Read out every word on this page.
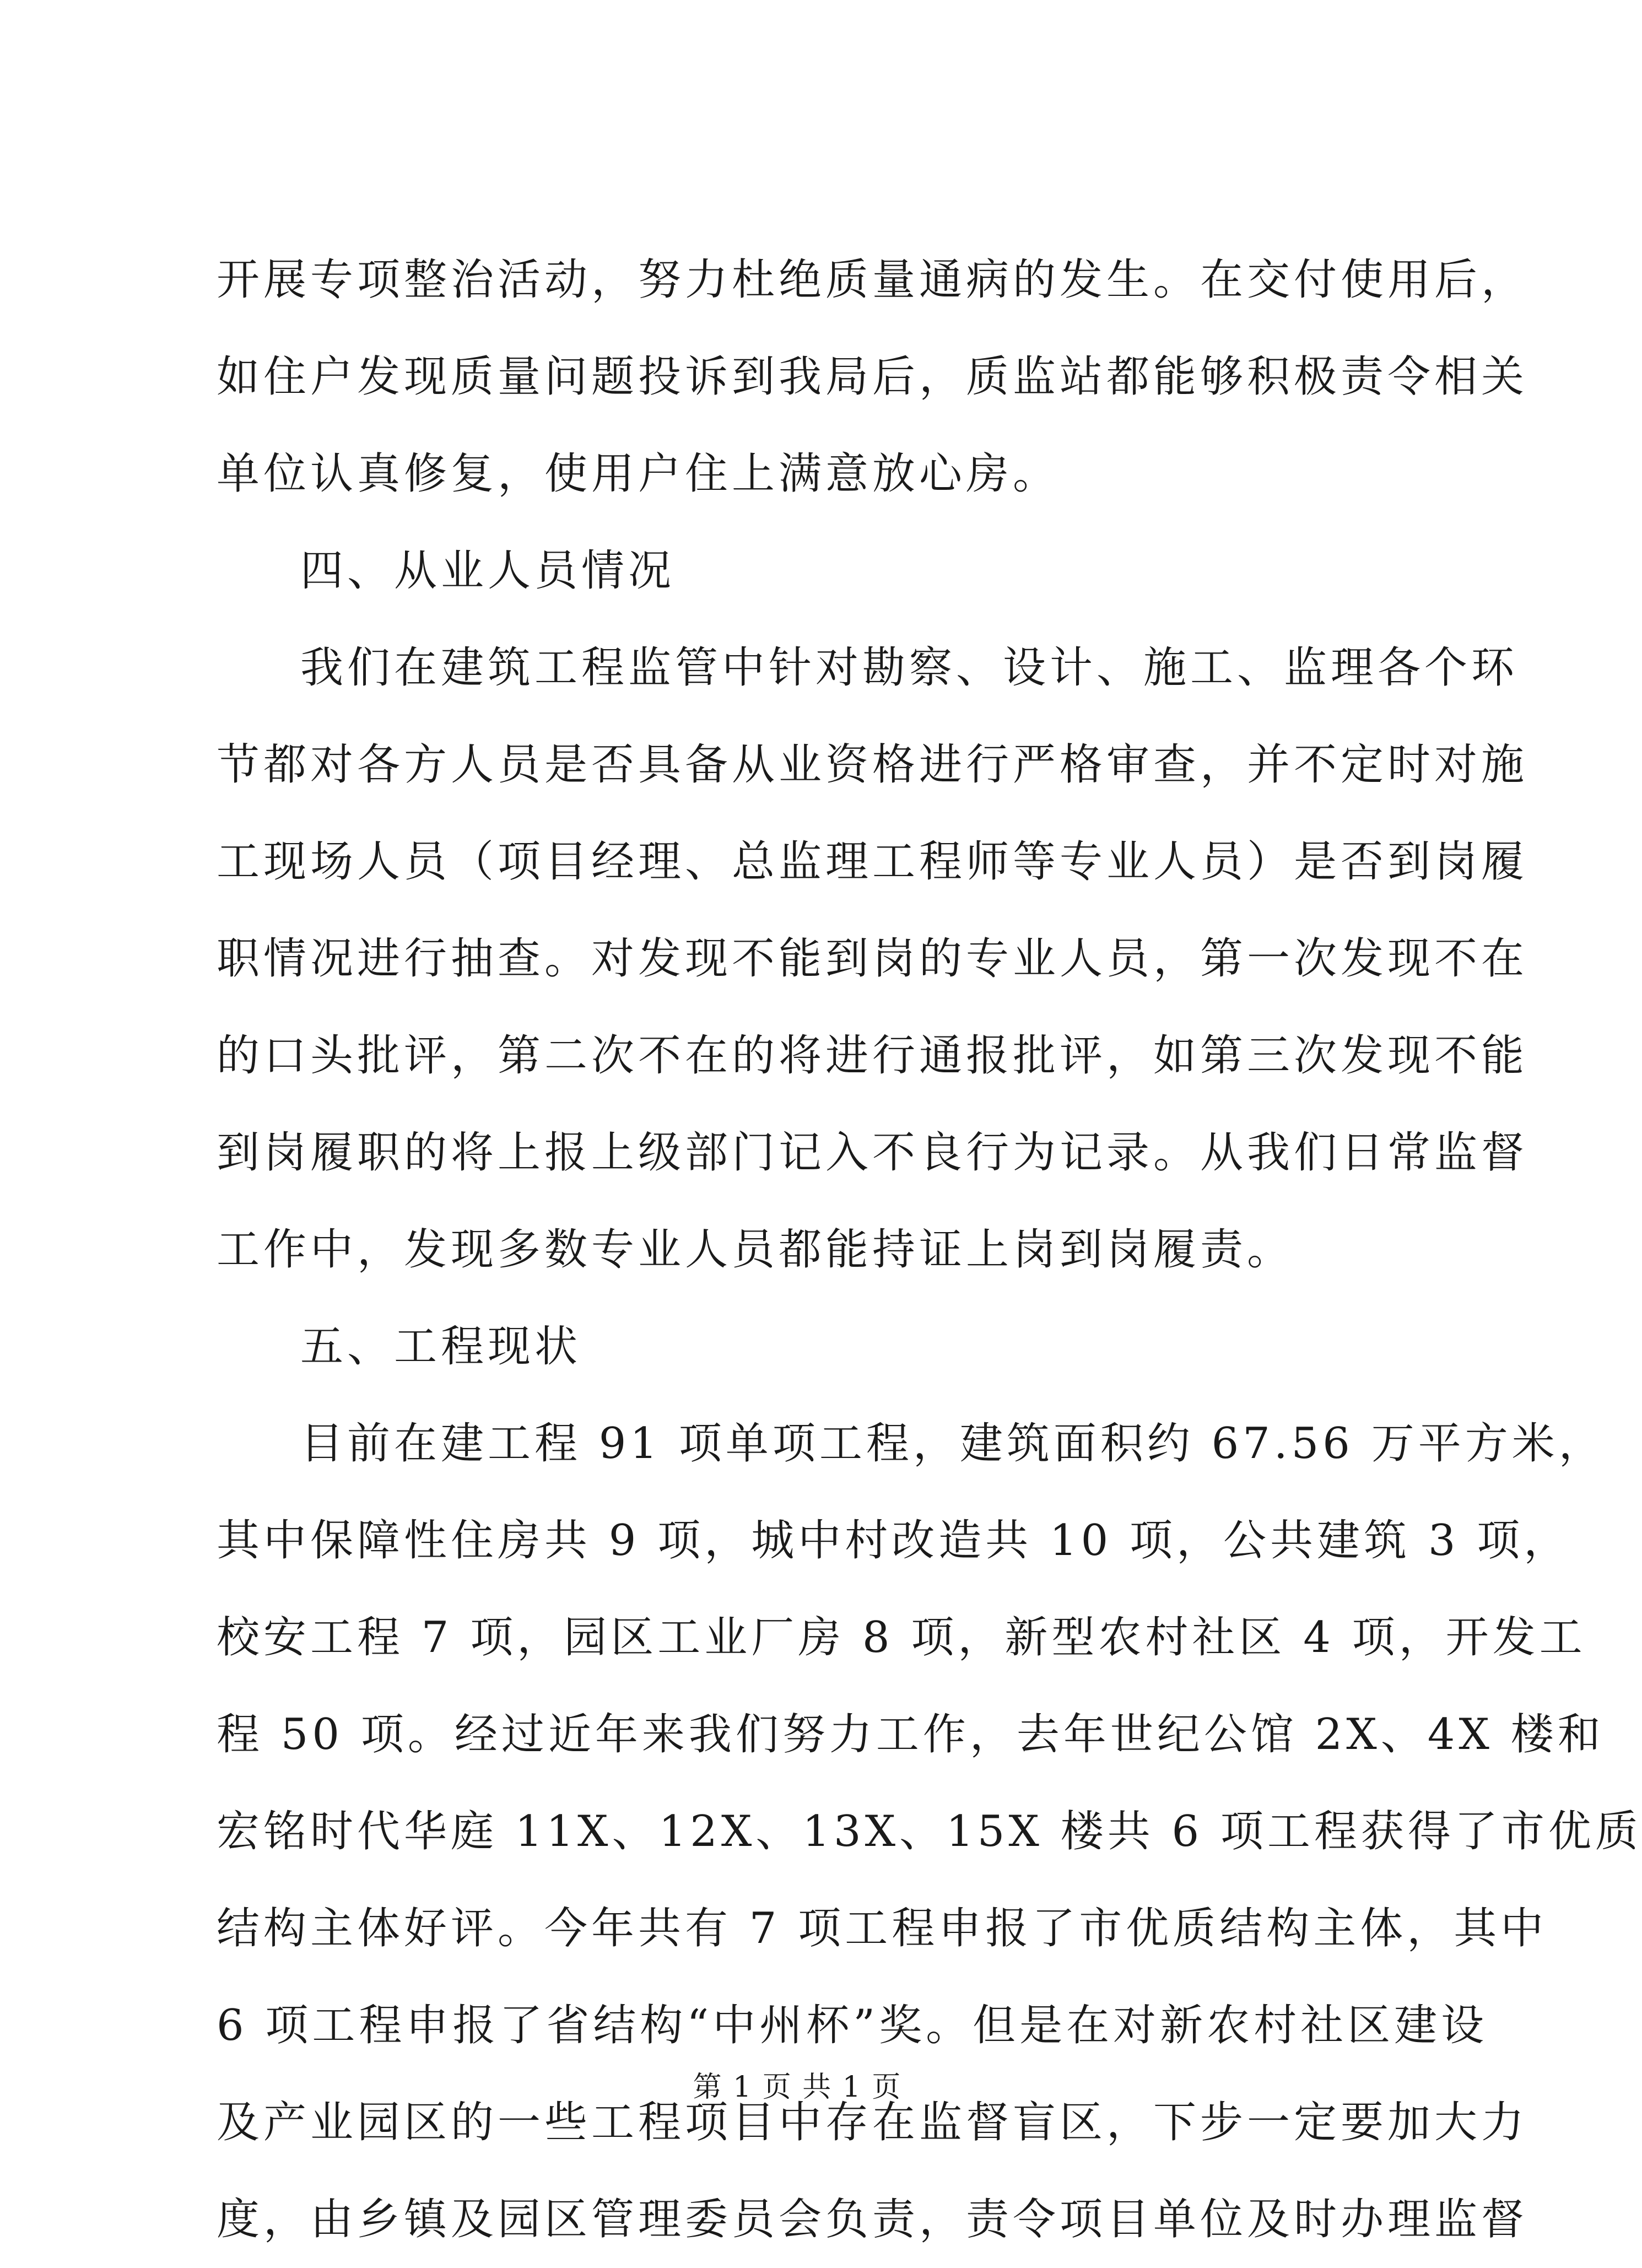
开展专项整治活动，努力杜绝质量通病的发生。在交付使用后，
如住户发现质量问题投诉到我局后，质监站都能够积极责令相关
单位认真修复，使用户住上满意放心房。
四、从业人员情况
我们在建筑工程监管中针对勘察、设计、施工、监理各个环
节都对各方人员是否具备从业资格进行严格审查，并不定时对施
工现场人员（项目经理、总监理工程师等专业人员）是否到岗履
职情况进行抽查。对发现不能到岗的专业人员，第一次发现不在
的口头批评，第二次不在的将进行通报批评，如第三次发现不能
到岗履职的将上报上级部门记入不良行为记录。从我们日常监督
工作中，发现多数专业人员都能持证上岗到岗履责。
五、工程现状
目前在建工程 91 项单项工程，建筑面积约 67.56 万平方米，
其中保障性住房共 9 项，城中村改造共 10 项，公共建筑 3 项，
校安工程 7 项，园区工业厂房 8 项，新型农村社区 4 项，开发工
程 50 项。经过近年来我们努力工作，去年世纪公馆 2X、4X 楼和
宏铭时代华庭 11X、12X、13X、15X 楼共 6 项工程获得了市优质
结构主体好评。今年共有 7 项工程申报了市优质结构主体，其中
6 项工程申报了省结构“中州杯”奖。但是在对新农村社区建设
及产业园区的一些工程项目中存在监督盲区，下步一定要加大力
度，由乡镇及园区管理委员会负责，责令项目单位及时办理监督
第 1 页 共 1 页
